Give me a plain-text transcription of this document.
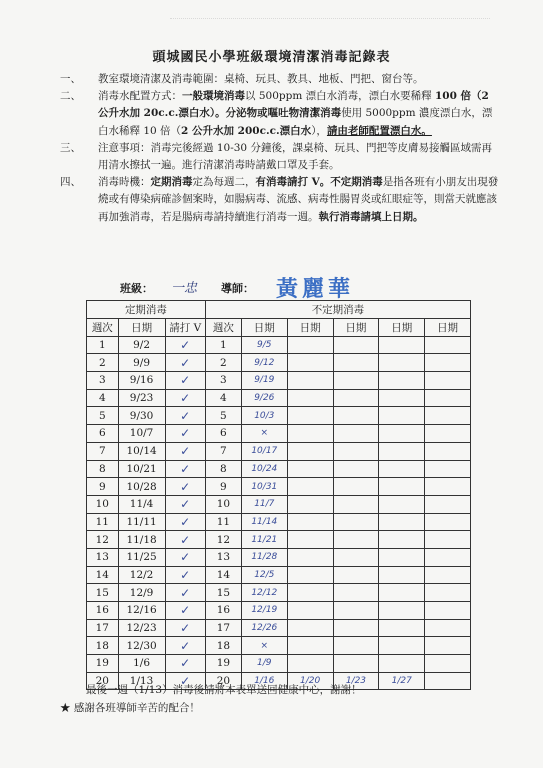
頭城國民小學班級環境清潔消毒記錄表
一、 教室環境清潔及消毒範圍：桌椅、玩具、教具、地板、門把、窗台等。
二、 消毒水配置方式：一般環境消毒以 500ppm 漂白水消毒，漂白水要稀釋 100 倍（2 公升水加 20c.c.漂白水）。分泌物或嘔吐物清潔消毒使用 5000ppm 濃度漂白水，漂白水稀釋 10 倍（2 公升水加 200c.c.漂白水），請由老師配置漂白水。
三、 注意事項：消毒完後經過 10-30 分鐘後，課桌椅、玩具、門把等皮膚易接觸區域需再用清水擦拭一遍。進行清潔消毒時請戴口罩及手套。
四、 消毒時機：定期消毒定為每週二，有消毒請打 V。不定期消毒是指各班有小朋友出現發燒或有傳染病確診個案時，如腸病毒、流感、病毒性腸胃炎或紅眼症等，則當天就應該再加強消毒，若是腸病毒請持續進行消毒一週。執行消毒請填上日期。
班級： 一忠 導師： 黃麗華
定期消毒			不定期消毒					
週次	日期	請打 V	週次	日期	日期	日期	日期	日期
1	9/2	✓	1	9/5				
2	9/9	✓	2	9/12				
3	9/16	✓	3	9/19				
4	9/23	✓	4	9/26				
5	9/30	✓	5	10/3				
6	10/7	✓	6	×				
7	10/14	✓	7	10/17				
8	10/21	✓	8	10/24				
9	10/28	✓	9	10/31				
10	11/4	✓	10	11/7				
11	11/11	✓	11	11/14				
12	11/18	✓	12	11/21				
13	11/25	✓	13	11/28				
14	12/2	✓	14	12/5				
15	12/9	✓	15	12/12				
16	12/16	✓	16	12/19				
17	12/23	✓	17	12/26				
18	12/30	✓	18	×				
19	1/6	✓	19	1/9				
20	1/13	✓	20	1/16	1/20	1/23	1/27	
最後一週（1/13）消毒後請將本表單送回健康中心，謝謝！
★ 感謝各班導師辛苦的配合！
